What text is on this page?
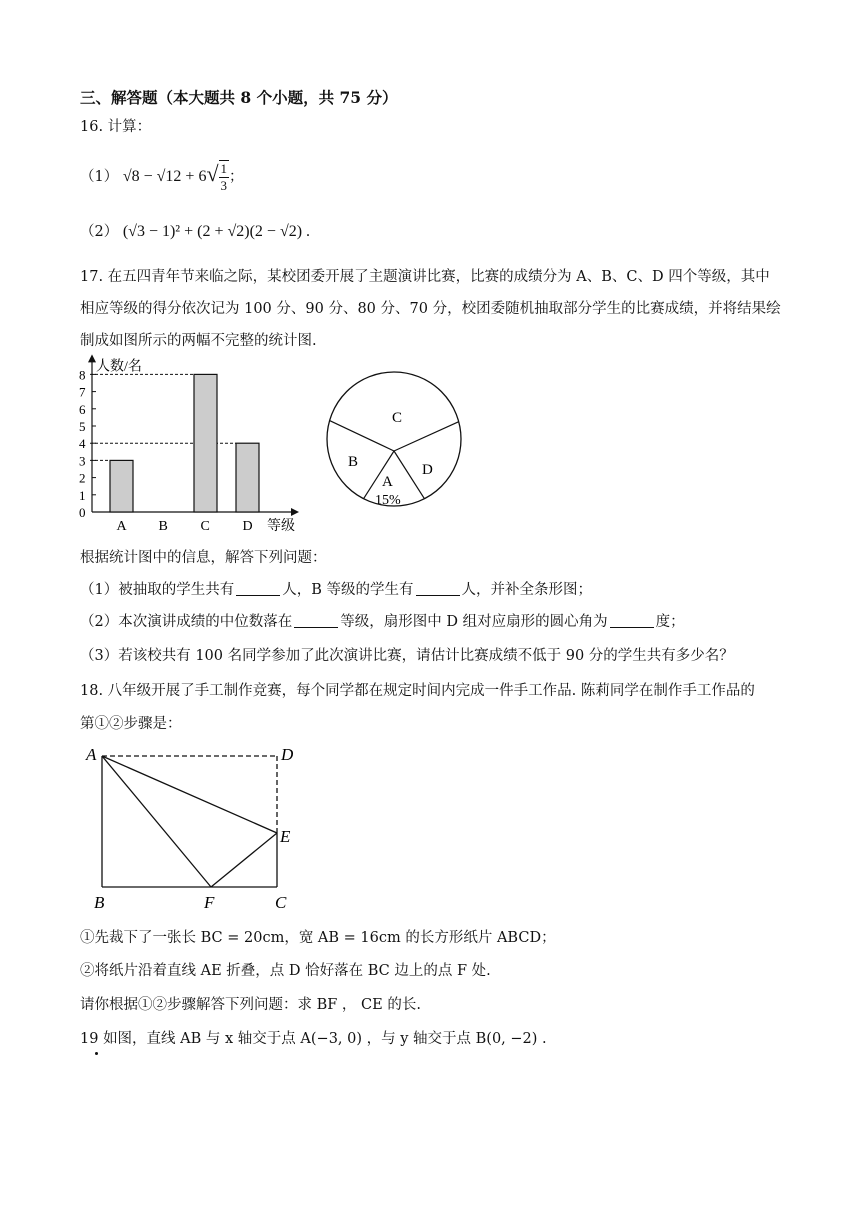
三、解答题（本大题共 8 个小题，共 75 分）
16. 计算：
（1） $√8 - √12 + 6√ \frac{1}{3}$ ；
（2） (√3 − 1)² + (2 + √2)(2 − √2) .
17. 在五四青年节来临之际，某校团委开展了主题演讲比赛，比赛的成绩分为 A、B、C、D 四个等级，其中
相应等级的得分依次记为 100 分、90 分、80 分、70 分，校团委随机抽取部分学生的比赛成绩，并将结果绘
制成如图所示的两幅不完整的统计图.
人数/名
等级
0
1
2
3
4
5
6
7
8
A B C D
C
D
A
15%
B
根据统计图中的信息，解答下列问题：
（1）被抽取的学生共有	人，B 等级的学生有	人，并补全条形图；
（2）本次演讲成绩的中位数落在	等级，扇形图中 D 组对应扇形的圆心角为	度；
（3）若该校共有 100 名同学参加了此次演讲比赛，请估计比赛成绩不低于 90 分的学生共有多少名？
18. 八年级开展了手工制作竞赛，每个同学都在规定时间内完成一件手工作品. 陈莉同学在制作手工作品的
第①②步骤是：
A	D
E
B	F	C
①先裁下了一张长 BC = 20cm，宽 AB = 16cm 的长方形纸片 ABCD；
②将纸片沿着直线 AE 折叠，点 D 恰好落在 BC 边上的点 F 处.
请你根据①②步骤解答下列问题：求 BF ， CE 的长.
19 如图，直线 AB 与 x 轴交于点 A(−3, 0) ，与 y 轴交于点 B(0, −2) .
